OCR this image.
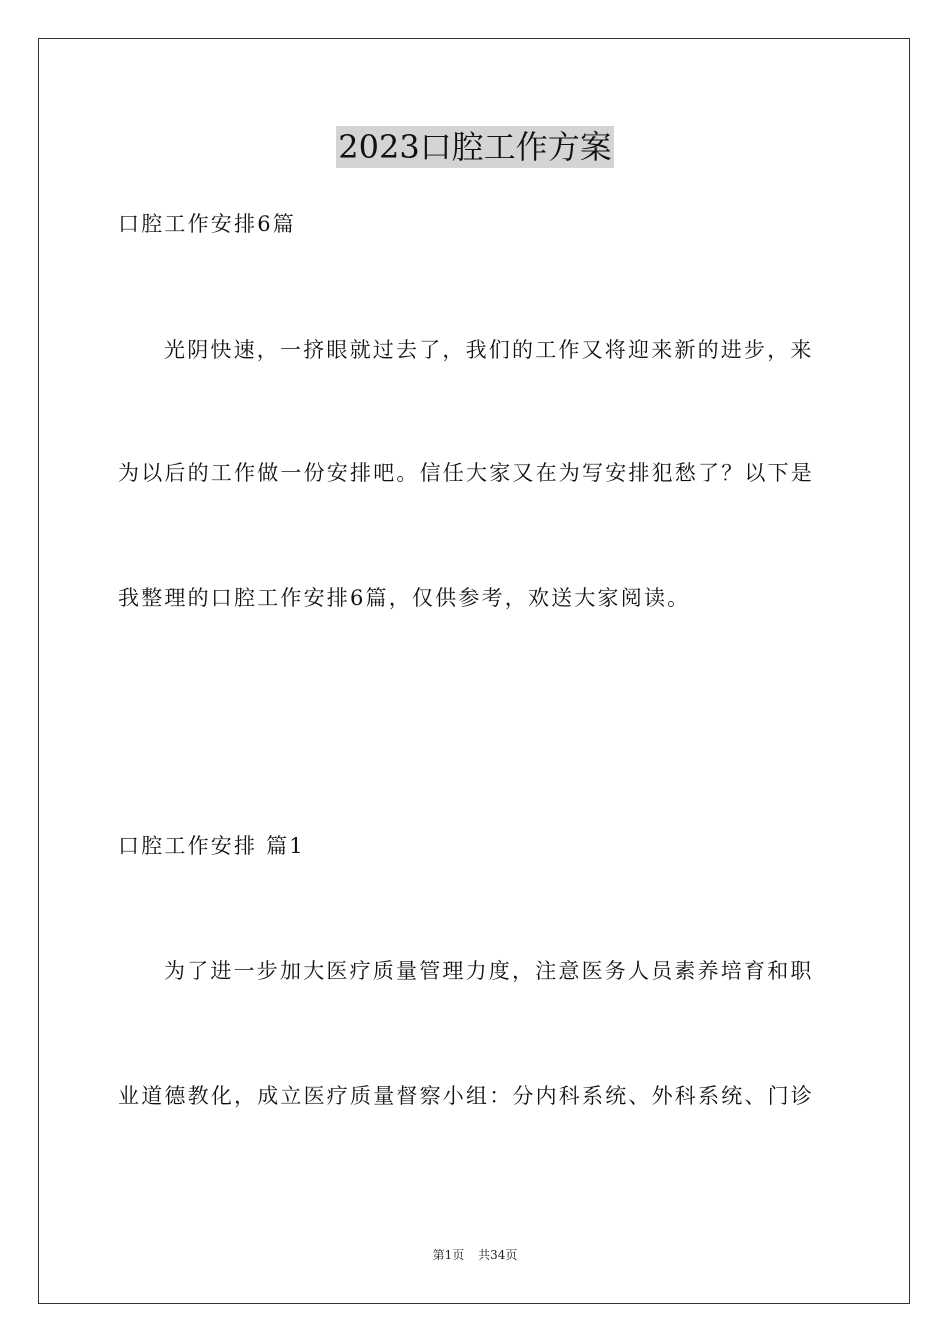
2023口腔工作方案
口腔工作安排6篇
光阴快速，一挤眼就过去了，我们的工作又将迎来新的进步，来
为以后的工作做一份安排吧。信任大家又在为写安排犯愁了？以下是
我整理的口腔工作安排6篇，仅供参考，欢送大家阅读。
口腔工作安排 篇1
为了进一步加大医疗质量管理力度，注意医务人员素养培育和职
业道德教化，成立医疗质量督察小组：分内科系统、外科系统、门诊
第1页 共34页
